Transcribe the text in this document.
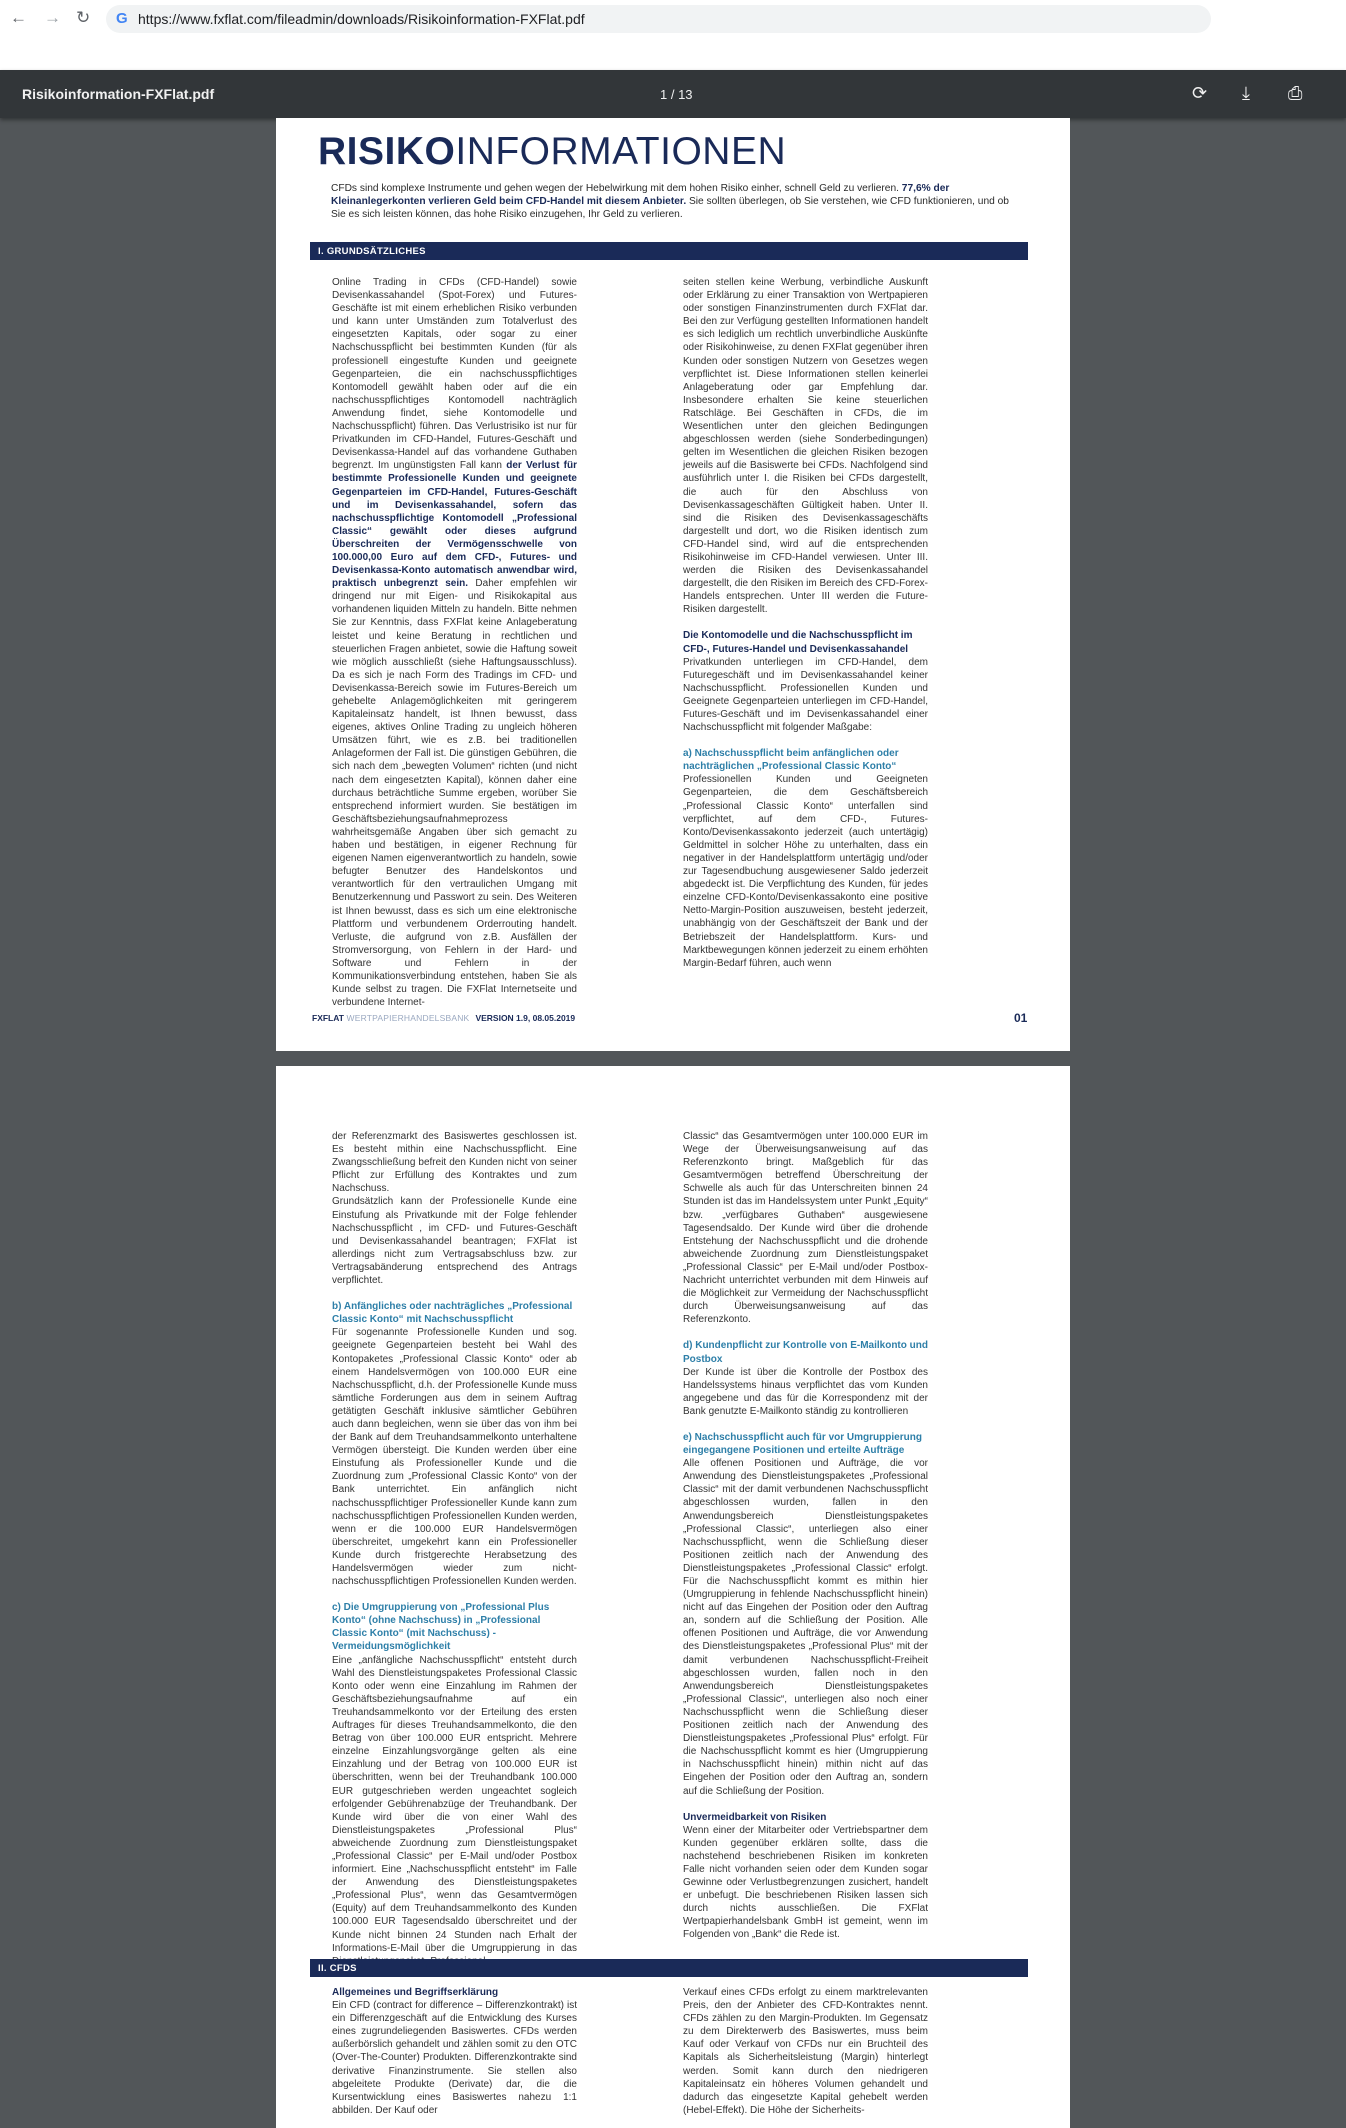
← → ↻ G https://www.fxflat.com/fileadmin/downloads/Risikoinformation-FXFlat.pdf
Risikoinformation-FXFlat.pdf	1 / 13	⟳ ⤓ ⎙
RISIKOINFORMATIONEN
CFDs sind komplexe Instrumente und gehen wegen der Hebelwirkung mit dem hohen Risiko einher, schnell Geld zu verlieren. 77,6% der Kleinanlegerkonten verlieren Geld beim CFD-Handel mit diesem Anbieter. Sie sollten überlegen, ob Sie verstehen, wie CFD funktionieren, und ob Sie es sich leisten können, das hohe Risiko einzugehen, Ihr Geld zu verlieren.
I. GRUNDSÄTZLICHES

Online Trading in CFDs (CFD-Handel) sowie Devisenkassahandel (Spot-Forex) und Futures-Geschäfte ist mit einem erheblichen Risiko verbunden und kann unter Umständen zum Totalverlust des eingesetzten Kapitals, oder sogar zu einer Nachschusspflicht bei bestimmten Kunden (für als professionell eingestufte Kunden und geeignete Gegenparteien, die ein nachschusspflichtiges Kontomodell gewählt haben oder auf die ein nachschusspflichtiges Kontomodell nachträglich Anwendung findet, siehe Kontomodelle und Nachschusspflicht) führen. Das Verlustrisiko ist nur für Privatkunden im CFD-Handel, Futures-Geschäft und Devisenkassa-Handel auf das vorhandene Guthaben begrenzt. Im ungünstigsten Fall kann der Verlust für bestimmte Professionelle Kunden und geeignete Gegenparteien im CFD-Handel, Futures-Geschäft und im Devisenkassahandel, sofern das nachschusspflichtige Kontomodell „Professional Classic“ gewählt oder dieses aufgrund Überschreiten der Vermögensschwelle von 100.000,00 Euro auf dem CFD-, Futures- und Devisenkassa-Konto automatisch anwendbar wird, praktisch unbegrenzt sein. Daher empfehlen wir dringend nur mit Eigen- und Risikokapital aus vorhandenen liquiden Mitteln zu handeln. Bitte nehmen Sie zur Kenntnis, dass FXFlat keine Anlageberatung leistet und keine Beratung in rechtlichen und steuerlichen Fragen anbietet, sowie die Haftung soweit wie möglich ausschließt (siehe Haftungsausschluss). Da es sich je nach Form des Tradings im CFD- und Devisenkassa-Bereich sowie im Futures-Bereich um gehebelte Anlagemöglichkeiten mit geringerem Kapitaleinsatz handelt, ist Ihnen bewusst, dass eigenes, aktives Online Trading zu ungleich höheren Umsätzen führt, wie es z.B. bei traditionellen Anlageformen der Fall ist. Die günstigen Gebühren, die sich nach dem „bewegten Volumen“ richten (und nicht nach dem eingesetzten Kapital), können daher eine durchaus beträchtliche Summe ergeben, worüber Sie entsprechend informiert wurden. Sie bestätigen im Geschäftsbeziehungsaufnahmeprozess wahrheitsgemäße Angaben über sich gemacht zu haben und bestätigen, in eigener Rechnung für eigenen Namen eigenverantwortlich zu handeln, sowie befugter Benutzer des Handelskontos und verantwortlich für den vertraulichen Umgang mit Benutzerkennung und Passwort zu sein. Des Weiteren ist Ihnen bewusst, dass es sich um eine elektronische Plattform und verbundenem Orderrouting handelt. Verluste, die aufgrund von z.B. Ausfällen der Stromversorgung, von Fehlern in der Hard- und Software und Fehlern in der Kommunikationsverbindung entstehen, haben Sie als Kunde selbst zu tragen. Die FXFlat Internetseite und verbundene Internet-

seiten stellen keine Werbung, verbindliche Auskunft oder Erklärung zu einer Transaktion von Wertpapieren oder sonstigen Finanzinstrumenten durch FXFlat dar. Bei den zur Verfügung gestellten Informationen handelt es sich lediglich um rechtlich unverbindliche Auskünfte oder Risikohinweise, zu denen FXFlat gegenüber ihren Kunden oder sonstigen Nutzern von Gesetzes wegen verpflichtet ist. Diese Informationen stellen keinerlei Anlageberatung oder gar Empfehlung dar. Insbesondere erhalten Sie keine steuerlichen Ratschläge. Bei Geschäften in CFDs, die im Wesentlichen unter den gleichen Bedingungen abgeschlossen werden (siehe Sonderbedingungen) gelten im Wesentlichen die gleichen Risiken bezogen jeweils auf die Basiswerte bei CFDs. Nachfolgend sind ausführlich unter I. die Risiken bei CFDs dargestellt, die auch für den Abschluss von Devisenkassageschäften Gültigkeit haben. Unter II. sind die Risiken des Devisenkassageschäfts dargestellt und dort, wo die Risiken identisch zum CFD-Handel sind, wird auf die entsprechenden Risikohinweise im CFD-Handel verwiesen. Unter III. werden die Risiken des Devisenkassahandel dargestellt, die den Risiken im Bereich des CFD-Forex-Handels entsprechen. Unter III werden die Future-Risiken dargestellt.

Die Kontomodelle und die Nachschusspflicht im CFD-, Futures-Handel und Devisenkassahandel

Privatkunden unterliegen im CFD-Handel, dem Futuregeschäft und im Devisenkassahandel keiner Nachschusspflicht. Professionellen Kunden und Geeignete Gegenparteien unterliegen im CFD-Handel, Futures-Geschäft und im Devisenkassahandel einer Nachschusspflicht mit folgender Maßgabe:

a) Nachschusspflicht beim anfänglichen oder nachträglichen „Professional Classic Konto“

Professionellen Kunden und Geeigneten Gegenparteien, die dem Geschäftsbereich „Professional Classic Konto“ unterfallen sind verpflichtet, auf dem CFD-, Futures-Konto/Devisenkassakonto jederzeit (auch untertägig) Geldmittel in solcher Höhe zu unterhalten, dass ein negativer in der Handelsplattform untertägig und/oder zur Tagesendbuchung ausgewiesener Saldo jederzeit abgedeckt ist. Die Verpflichtung des Kunden, für jedes einzelne CFD-Konto/Devisenkassakonto eine positive Netto-Margin-Position auszuweisen, besteht jederzeit, unabhängig von der Geschäftszeit der Bank und der Betriebszeit der Handelsplattform. Kurs- und Marktbewegungen können jederzeit zu einem erhöhten Margin-Bedarf führen, auch wenn

FXFLAT WERTPAPIERHANDELSBANK VERSION 1.9, 08.05.2019	01

der Referenzmarkt des Basiswertes geschlossen ist. Es besteht mithin eine Nachschusspflicht. Eine Zwangsschließung befreit den Kunden nicht von seiner Pflicht zur Erfüllung des Kontraktes und zum Nachschuss.

Grundsätzlich kann der Professionelle Kunde eine Einstufung als Privatkunde mit der Folge fehlender Nachschusspflicht , im CFD- und Futures-Geschäft und Devisenkassahandel beantragen; FXFlat ist allerdings nicht zum Vertragsabschluss bzw. zur Vertragsabänderung entsprechend des Antrags verpflichtet.

b) Anfängliches oder nachträgliches „Professional Classic Konto“ mit Nachschusspflicht

Für sogenannte Professionelle Kunden und sog. geeignete Gegenparteien besteht bei Wahl des Kontopaketes „Professional Classic Konto“ oder ab einem Handelsvermögen von 100.000 EUR eine Nachschusspflicht, d.h. der Professionelle Kunde muss sämtliche Forderungen aus dem in seinem Auftrag getätigten Geschäft inklusive sämtlicher Gebühren auch dann begleichen, wenn sie über das von ihm bei der Bank auf dem Treuhandsammelkonto unterhaltene Vermögen übersteigt. Die Kunden werden über eine Einstufung als Professioneller Kunde und die Zuordnung zum „Professional Classic Konto“ von der Bank unterrichtet. Ein anfänglich nicht nachschusspflichtiger Professioneller Kunde kann zum nachschusspflichtigen Professionellen Kunden werden, wenn er die 100.000 EUR Handelsvermögen überschreitet, umgekehrt kann ein Professioneller Kunde durch fristgerechte Herabsetzung des Handelsvermögen wieder zum nicht-nachschusspflichtigen Professionellen Kunden werden.

c) Die Umgruppierung von „Professional Plus Konto“ (ohne Nachschuss) in „Professional Classic Konto“ (mit Nachschuss) - Vermeidungsmöglichkeit

Eine „anfängliche Nachschusspflicht“ entsteht durch Wahl des Dienstleistungspaketes Professional Classic Konto oder wenn eine Einzahlung im Rahmen der Geschäftsbeziehungsaufnahme auf ein Treuhandsammelkonto vor der Erteilung des ersten Auftrages für dieses Treuhandsammelkonto, die den Betrag von über 100.000 EUR entspricht. Mehrere einzelne Einzahlungsvorgänge gelten als eine Einzahlung und der Betrag von 100.000 EUR ist überschritten, wenn bei der Treuhandbank 100.000 EUR gutgeschrieben werden ungeachtet sogleich erfolgender Gebührenabzüge der Treuhandbank. Der Kunde wird über die von einer Wahl des Dienstleistungspaketes „Professional Plus“ abweichende Zuordnung zum Dienstleistungspaket „Professional Classic“ per E-Mail und/oder Postbox informiert. Eine „Nachschusspflicht entsteht“ im Falle der Anwendung des Dienstleistungspaketes „Professional Plus“, wenn das Gesamtvermögen (Equity) auf dem Treuhandsammelkonto des Kunden 100.000 EUR Tagesendsaldo überschreitet und der Kunde nicht binnen 24 Stunden nach Erhalt der Informations-E-Mail über die Umgruppierung in das

Classic“ das Gesamtvermögen unter 100.000 EUR im Wege der Überweisungsanweisung auf das Referenzkonto bringt. Maßgeblich für das Gesamtvermögen betreffend Überschreitung der Schwelle als auch für das Unterschreiten binnen 24 Stunden ist das im Handelssystem unter Punkt „Equity“ bzw. „verfügbares Guthaben“ ausgewiesene Tagesendsaldo. Der Kunde wird über die drohende Entstehung der Nachschusspflicht und die drohende abweichende Zuordnung zum Dienstleistungspaket „Professional Classic“ per E-Mail und/oder Postbox-Nachricht unterrichtet verbunden mit dem Hinweis auf die Möglichkeit zur Vermeidung der Nachschusspflicht durch Überweisungsanweisung auf das Referenzkonto.

d) Kundenpflicht zur Kontrolle von E-Mailkonto und Postbox

Der Kunde ist über die Kontrolle der Postbox des Handelssystems hinaus verpflichtet das vom Kunden angegebene und das für die Korrespondenz mit der Bank genutzte E-Mailkonto ständig zu kontrollieren

e) Nachschusspflicht auch für vor Umgruppierung eingegangene Positionen und erteilte Aufträge

Alle offenen Positionen und Aufträge, die vor Anwendung des Dienstleistungspaketes „Professional Classic“ mit der damit verbundenen Nachschusspflicht abgeschlossen wurden, fallen in den Anwendungsbereich Dienstleistungspaketes „Professional Classic“, unterliegen also einer Nachschusspflicht, wenn die Schließung dieser Positionen zeitlich nach der Anwendung des Dienstleistungspaketes „Professional Classic“ erfolgt. Für die Nachschusspflicht kommt es mithin hier (Umgruppierung in fehlende Nachschusspflicht hinein) nicht auf das Eingehen der Position oder den Auftrag an, sondern auf die Schließung der Position. Alle offenen Positionen und Aufträge, die vor Anwendung des Dienstleistungspaketes „Professional Plus“ mit der damit verbundenen Nachschusspflicht-Freiheit abgeschlossen wurden, fallen noch in den Anwendungsbereich Dienstleistungspaketes „Professional Classic“, unterliegen also noch einer Nachschusspflicht wenn die Schließung dieser Positionen zeitlich nach der Anwendung des Dienstleistungspaketes „Professional Plus“ erfolgt. Für die Nachschusspflicht kommt es hier (Umgruppierung in Nachschusspflicht hinein) mithin nicht auf das Eingehen der Position oder den Auftrag an, sondern auf die Schließung der Position.

Unvermeidbarkeit von Risiken

Wenn einer der Mitarbeiter oder Vertriebspartner dem Kunden gegenüber erklären sollte, dass die nachstehend beschriebenen Risiken im konkreten Falle nicht vorhanden seien oder dem Kunden sogar Gewinne oder Verlustbegrenzungen zusichert, handelt er unbefugt. Die beschriebenen Risiken lassen sich durch nichts ausschließen. Die FXFlat Wertpapierhandelsbank GmbH ist gemeint, wenn im Folgenden von „Bank“ die Rede ist.

II. CFDS
Allgemeines und Begriffserklärung

Ein CFD (contract for difference – Differenzkontrakt) ist ein Differenzgeschäft auf die Entwicklung des Kurses eines zugrundeliegenden Basiswertes. CFDs werden außerbörslich gehandelt und zählen somit zu den OTC (Over-The-Counter) Produkten. Differenzkontrakte sind derivative Finanzinstrumente. Sie stellen also abgeleitete Produkte (Derivate) dar, die die Kursentwicklung eines Basiswertes nahezu 1:1 abbilden. Der Kauf oder

Verkauf eines CFDs erfolgt zu einem marktrelevanten Preis, den der Anbieter des CFD-Kontraktes nennt. CFDs zählen zu den Margin-Produkten. Im Gegensatz zu dem Direkterwerb des Basiswertes, muss beim Kauf oder Verkauf von CFDs nur ein Bruchteil des Kapitals als Sicherheitsleistung (Margin) hinterlegt werden. Somit kann durch den niedrigeren Kapitaleinsatz ein höheres Volumen gehandelt und dadurch das eingesetzte Kapital gehebelt werden (Hebel-Effekt). Die Höhe der Sicherheits-
